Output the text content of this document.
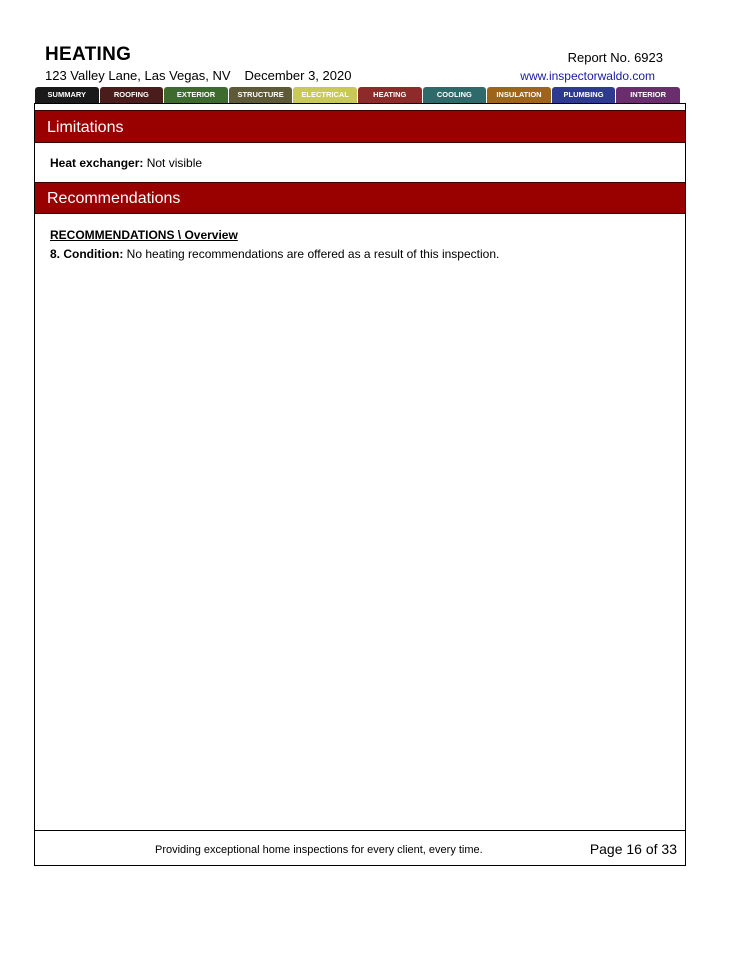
HEATING
123 Valley Lane, Las Vegas, NV December 3, 2020
Report No. 6923
www.inspectorwaldo.com
SUMMARY	ROOFING	EXTERIOR	STRUCTURE	ELECTRICAL	HEATING	COOLING	INSULATION	PLUMBING	INTERIOR
Limitations
Heat exchanger: Not visible
Recommendations
RECOMMENDATIONS \ Overview
8. Condition: No heating recommendations are offered as a result of this inspection.
Providing exceptional home inspections for every client, every time.	Page 16 of 33
